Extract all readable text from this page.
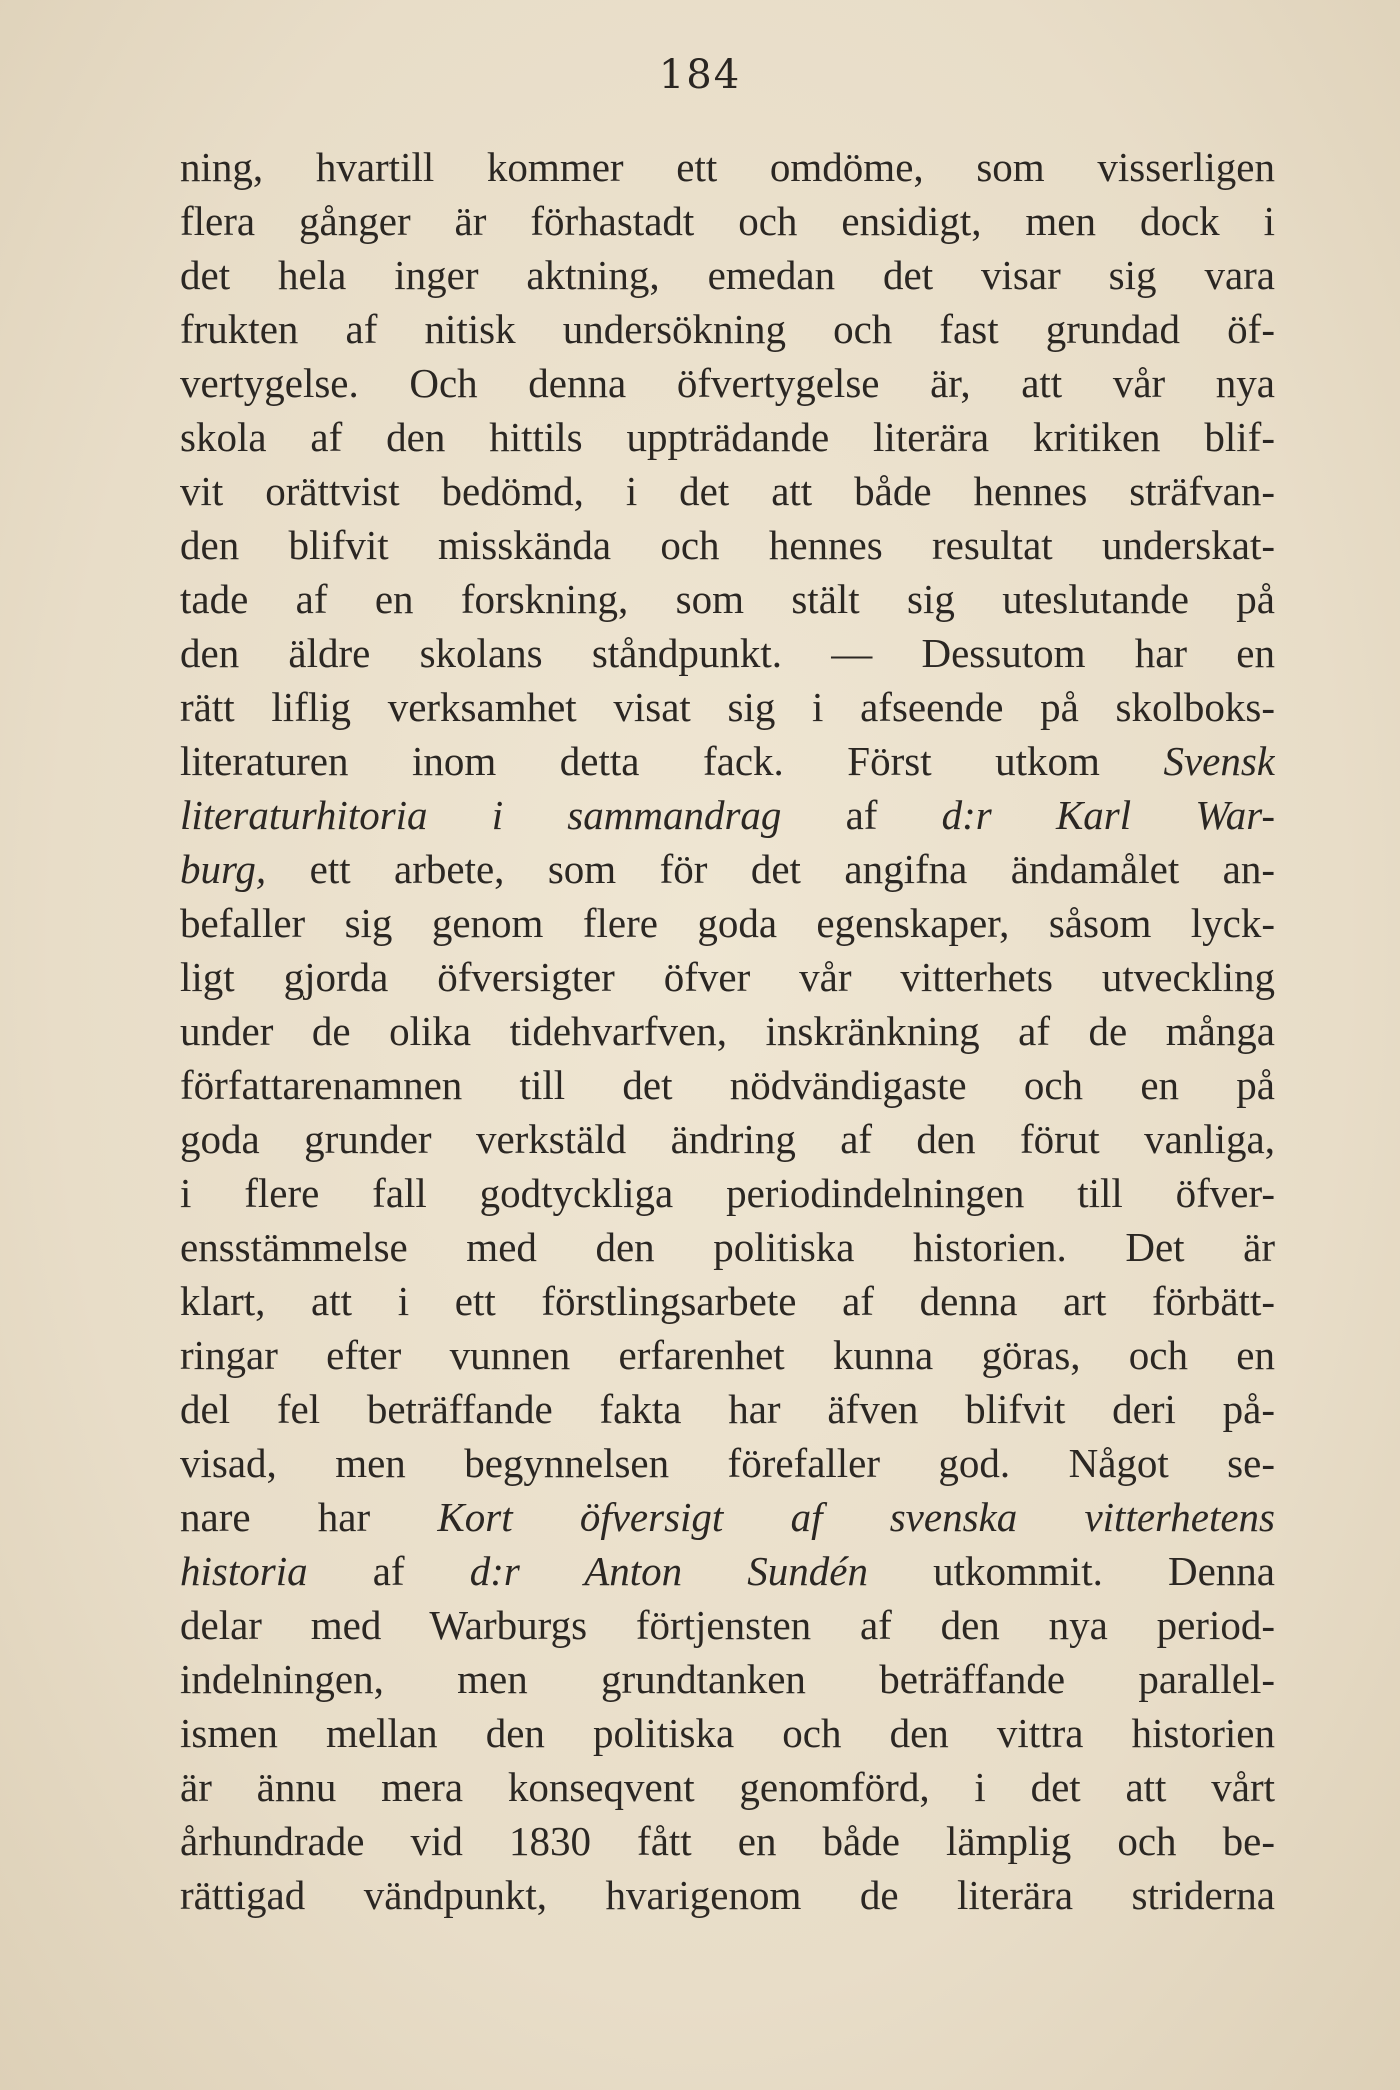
184
ning, hvartill kommer ett omdöme, som visserligen
flera gånger är förhastadt och ensidigt, men dock i
det hela inger aktning, emedan det visar sig vara
frukten af nitisk undersökning och fast grundad öf-
vertygelse. Och denna öfvertygelse är, att vår nya
skola af den hittils uppträdande literära kritiken blif-
vit orättvist bedömd, i det att både hennes sträfvan-
den blifvit misskända och hennes resultat underskat-
tade af en forskning, som stält sig uteslutande på
den äldre skolans ståndpunkt. — Dessutom har en
rätt liflig verksamhet visat sig i afseende på skolboks-
literaturen inom detta fack. Först utkom Svensk
literaturhitoria i sammandrag af d:r Karl War-
burg, ett arbete, som för det angifna ändamålet an-
befaller sig genom flere goda egenskaper, såsom lyck-
ligt gjorda öfversigter öfver vår vitterhets utveckling
under de olika tidehvarfven, inskränkning af de många
författarenamnen till det nödvändigaste och en på
goda grunder verkstäld ändring af den förut vanliga,
i flere fall godtyckliga periodindelningen till öfver-
ensstämmelse med den politiska historien. Det är
klart, att i ett förstlingsarbete af denna art förbätt-
ringar efter vunnen erfarenhet kunna göras, och en
del fel beträffande fakta har äfven blifvit deri på-
visad, men begynnelsen förefaller god. Något se-
nare har Kort öfversigt af svenska vitterhetens
historia af d:r Anton Sundén utkommit. Denna
delar med Warburgs förtjensten af den nya period-
indelningen, men grundtanken beträffande parallel-
ismen mellan den politiska och den vittra historien
är ännu mera konseqvent genomförd, i det att vårt
århundrade vid 1830 fått en både lämplig och be-
rättigad vändpunkt, hvarigenom de literära striderna
